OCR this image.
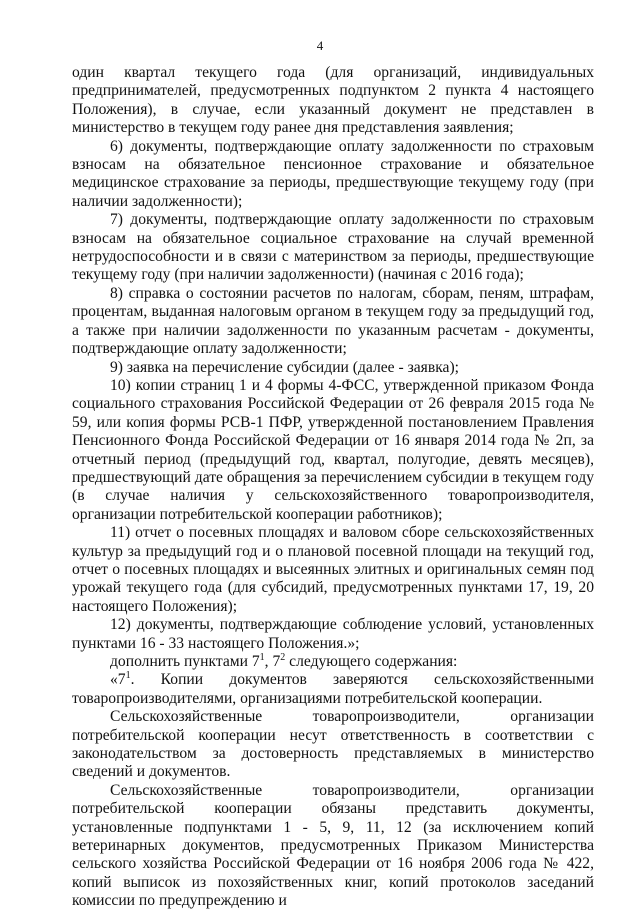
4

один квартал текущего года (для организаций, индивидуальных предпринимателей, предусмотренных подпунктом 2 пункта 4 настоящего Положения), в случае, если указанный документ не представлен в министерство в текущем году ранее дня представления заявления;

6) документы, подтверждающие оплату задолженности по страховым взносам на обязательное пенсионное страхование и обязательное медицинское страхование за периоды, предшествующие текущему году (при наличии задолженности);

7) документы, подтверждающие оплату задолженности по страховым взносам на обязательное социальное страхование на случай временной нетрудоспособности и в связи с материнством за периоды, предшествующие текущему году (при наличии задолженности) (начиная с 2016 года);

8) справка о состоянии расчетов по налогам, сборам, пеням, штрафам, процентам, выданная налоговым органом в текущем году за предыдущий год, а также при наличии задолженности по указанным расчетам - документы, подтверждающие оплату задолженности;

9) заявка на перечисление субсидии (далее - заявка);

10) копии страниц 1 и 4 формы 4-ФСС, утвержденной приказом Фонда социального страхования Российской Федерации от 26 февраля 2015 года № 59, или копия формы РСВ-1 ПФР, утвержденной постановлением Правления Пенсионного Фонда Российской Федерации от 16 января 2014 года № 2п, за отчетный период (предыдущий год, квартал, полугодие, девять месяцев), предшествующий дате обращения за перечислением субсидии в текущем году (в случае наличия у сельскохозяйственного товаропроизводителя, организации потребительской кооперации работников);

11) отчет о посевных площадях и валовом сборе сельскохозяйственных культур за предыдущий год и о плановой посевной площади на текущий год, отчет о посевных площадях и высеянных элитных и оригинальных семян под урожай текущего года (для субсидий, предусмотренных пунктами 17, 19, 20 настоящего Положения);

12) документы, подтверждающие соблюдение условий, установленных пунктами 16 - 33 настоящего Положения.»;

дополнить пунктами $7^1$, $7^2$ следующего содержания:

«$7^1$. Копии документов заверяются сельскохозяйственными товаропроизводителями, организациями потребительской кооперации.

Сельскохозяйственные товаропроизводители, организации потребительской кооперации несут ответственность в соответствии с законодательством за достоверность представляемых в министерство сведений и документов.

Сельскохозяйственные товаропроизводители, организации потребительской кооперации обязаны представить документы, установленные подпунктами 1 - 5, 9, 11, 12 (за исключением копий ветеринарных документов, предусмотренных Приказом Министерства сельского хозяйства Российской Федерации от 16 ноября 2006 года № 422, копий выписок из похозяйственных книг, копий протоколов заседаний комиссии по предупреждению и
